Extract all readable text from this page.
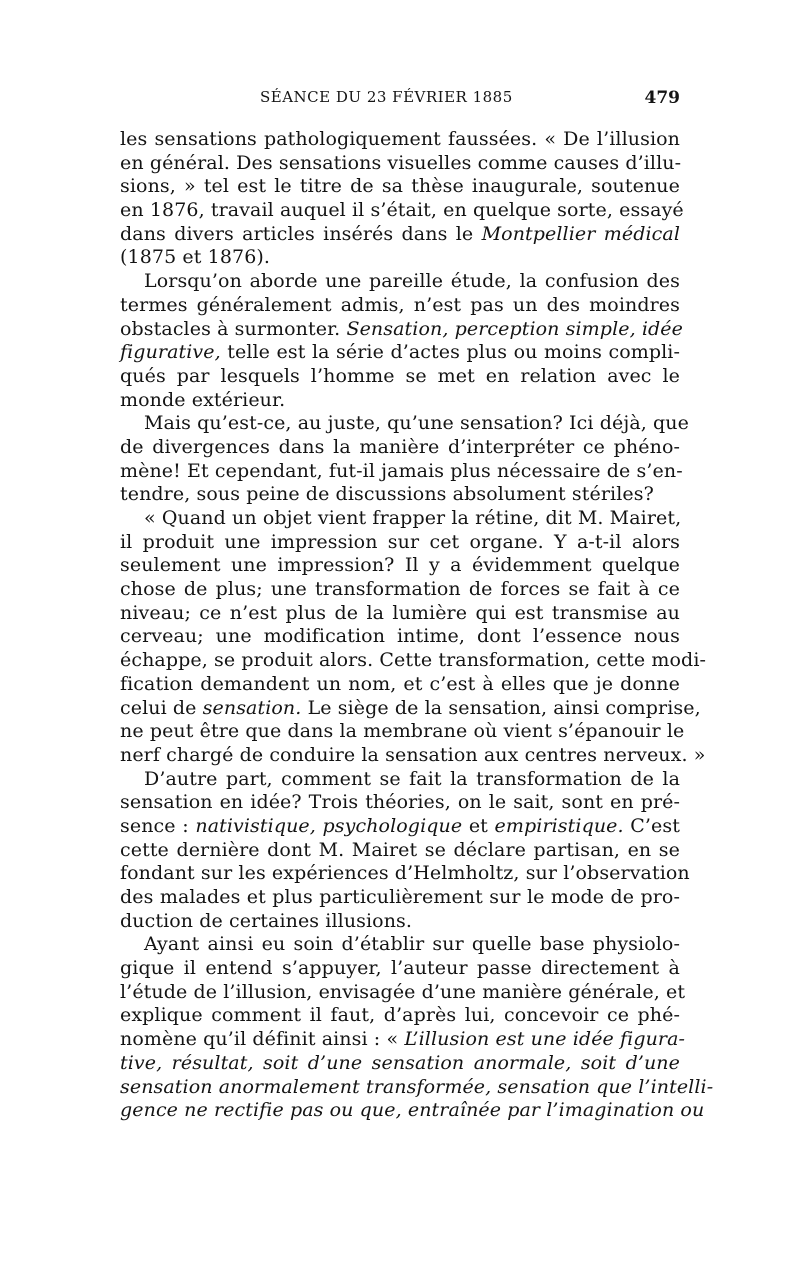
SÉANCE DU 23 FÉVRIER 1885	479
les sensations pathologiquement faussées. « De l’illusion
en général. Des sensations visuelles comme causes d’illu-
sions, » tel est le titre de sa thèse inaugurale, soutenue
en 1876, travail auquel il s’était, en quelque sorte, essayé
dans divers articles insérés dans le Montpellier médical
(1875 et 1876).
Lorsqu’on aborde une pareille étude, la confusion des
termes généralement admis, n’est pas un des moindres
obstacles à surmonter. Sensation, perception simple, idée
figurative, telle est la série d’actes plus ou moins compli-
qués par lesquels l’homme se met en relation avec le
monde extérieur.
Mais qu’est-ce, au juste, qu’une sensation? Ici déjà, que
de divergences dans la manière d’interpréter ce phéno-
mène! Et cependant, fut-il jamais plus nécessaire de s’en-
tendre, sous peine de discussions absolument stériles?
« Quand un objet vient frapper la rétine, dit M. Mairet,
il produit une impression sur cet organe. Y a-t-il alors
seulement une impression? Il y a évidemment quelque
chose de plus; une transformation de forces se fait à ce
niveau; ce n’est plus de la lumière qui est transmise au
cerveau; une modification intime, dont l’essence nous
échappe, se produit alors. Cette transformation, cette modi-
fication demandent un nom, et c’est à elles que je donne
celui de sensation. Le siège de la sensation, ainsi comprise,
ne peut être que dans la membrane où vient s’épanouir le
nerf chargé de conduire la sensation aux centres nerveux. »
D’autre part, comment se fait la transformation de la
sensation en idée? Trois théories, on le sait, sont en pré-
sence : nativistique, psychologique et empiristique. C’est
cette dernière dont M. Mairet se déclare partisan, en se
fondant sur les expériences d’Helmholtz, sur l’observation
des malades et plus particulièrement sur le mode de pro-
duction de certaines illusions.
Ayant ainsi eu soin d’établir sur quelle base physiolo-
gique il entend s’appuyer, l’auteur passe directement à
l’étude de l’illusion, envisagée d’une manière générale, et
explique comment il faut, d’après lui, concevoir ce phé-
nomène qu’il définit ainsi : « L’illusion est une idée figura-
tive, résultat, soit d’une sensation anormale, soit d’une
sensation anormalement transformée, sensation que l’intelli-
gence ne rectifie pas ou que, entraînée par l’imagination ou
